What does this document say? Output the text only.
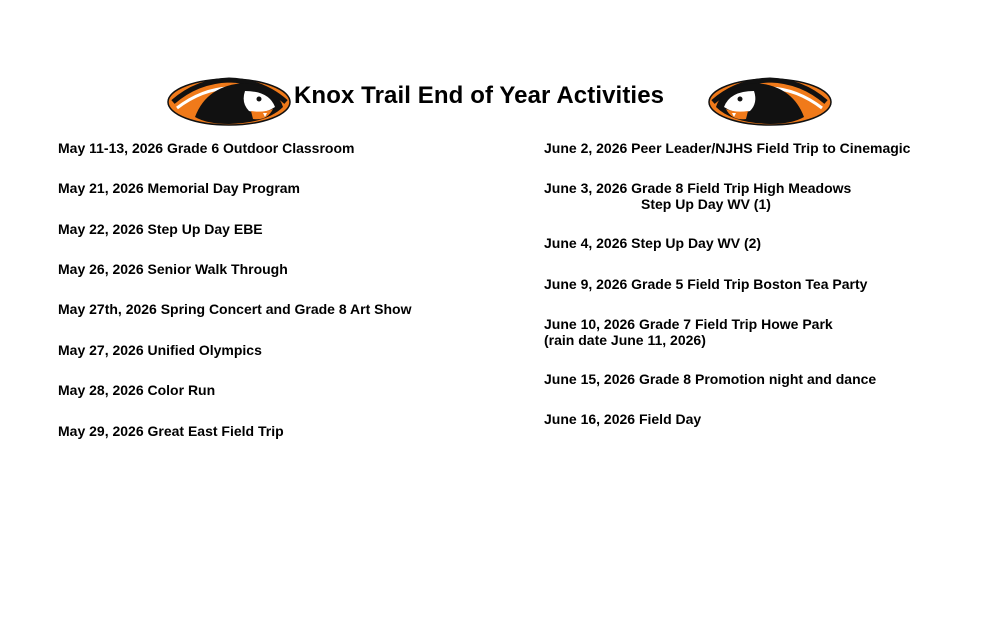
Knox Trail End of Year Activities
May 11-13, 2026 Grade 6 Outdoor Classroom
May 21, 2026 Memorial Day Program
May 22, 2026 Step Up Day EBE
May 26, 2026 Senior Walk Through
May 27th, 2026 Spring Concert and Grade 8 Art Show
May 27, 2026 Unified Olympics
May 28, 2026 Color Run
May 29, 2026 Great East Field Trip
June 2, 2026 Peer Leader/NJHS Field Trip to Cinemagic
June 3, 2026 Grade 8 Field Trip High Meadows
Step Up Day WV (1)
June 4, 2026 Step Up Day WV (2)
June 9, 2026 Grade 5 Field Trip Boston Tea Party
June 10, 2026 Grade 7 Field Trip Howe Park
(rain date June 11, 2026)
June 15, 2026 Grade 8 Promotion night and dance
June 16, 2026 Field Day
